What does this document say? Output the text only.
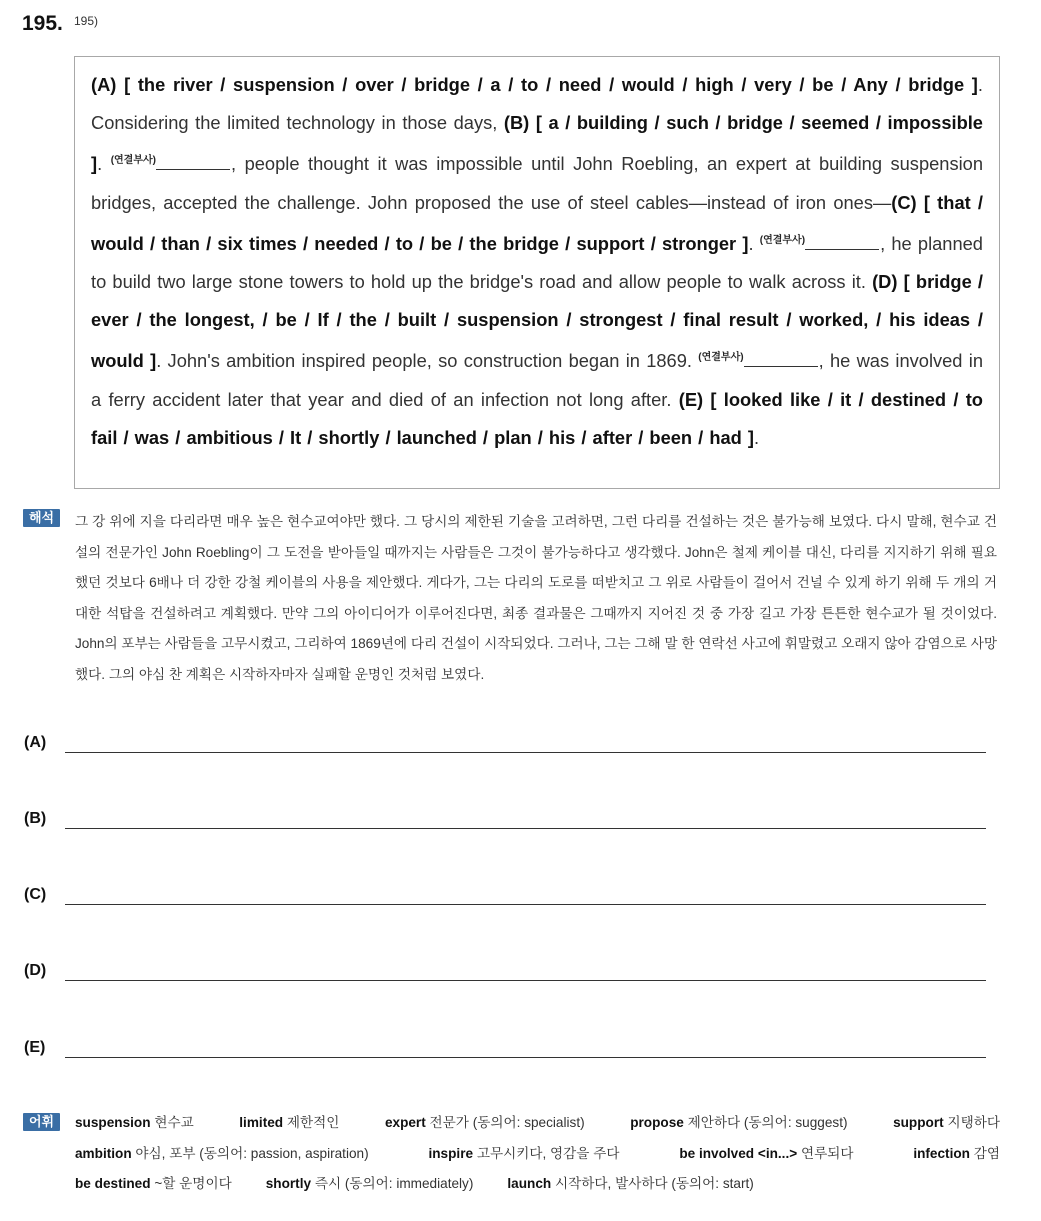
195. 195)
(A) [ the river / suspension / over / bridge / a / to / need / would / high / very / be / Any / bridge ]. Considering the limited technology in those days, (B) [ a / building / such / bridge / seemed / impossible ]. $^{(연결부사)}$	, people thought it was impossible until John Roebling, an expert at building suspension bridges, accepted the challenge. John proposed the use of steel cables—instead of iron ones—(C) [ that / would / than / six times / needed / to / be / the bridge / support / stronger ]. $^{(연결부사)}$	, he planned to build two large stone towers to hold up the bridge's road and allow people to walk across it. (D) [ bridge / ever / the longest, / be / If / the / built / suspension / strongest / final result / worked, / his ideas / would ]. John's ambition inspired people, so construction began in 1869. $^{(연결부사)}$	, he was involved in a ferry accident later that year and died of an infection not long after. (E) [ looked like / it / destined / to fail / was / ambitious / It / shortly / launched / plan / his / after / been / had ].
해석	그 강 위에 지을 다리라면 매우 높은 현수교여야만 했다. 그 당시의 제한된 기술을 고려하면, 그런 다리를 건설하는 것은 불가능해 보였다. 다시 말해, 현수교 건설의 전문가인 John Roebling이 그 도전을 받아들일 때까지는 사람들은 그것이 불가능하다고 생각했다. John은 철제 케이블 대신, 다리를 지지하기 위해 필요했던 것보다 6배나 더 강한 강철 케이블의 사용을 제안했다. 게다가, 그는 다리의 도로를 떠받치고 그 위로 사람들이 걸어서 건널 수 있게 하기 위해 두 개의 거대한 석탑을 건설하려고 계획했다. 만약 그의 아이디어가 이루어진다면, 최종 결과물은 그때까지 지어진 것 중 가장 길고 가장 튼튼한 현수교가 될 것이었다. John의 포부는 사람들을 고무시켰고, 그리하여 1869년에 다리 건설이 시작되었다. 그러나, 그는 그해 말 한 연락선 사고에 휘말렸고 오래지 않아 감염으로 사망했다. 그의 야심 찬 계획은 시작하자마자 실패할 운명인 것처럼 보였다.
(A)
(B)
(C)
(D)
(E)
어휘	suspension 현수교	limited 제한적인	expert 전문가 (동의어: specialist)	propose 제안하다 (동의어: suggest)	support 지탱하다
ambition 야심, 포부 (동의어: passion, aspiration)	inspire 고무시키다, 영감을 주다	be involved <in...> 연루되다	infection 감염
be destined ~할 운명이다	shortly 즉시 (동의어: immediately)	launch 시작하다, 발사하다 (동의어: start)
